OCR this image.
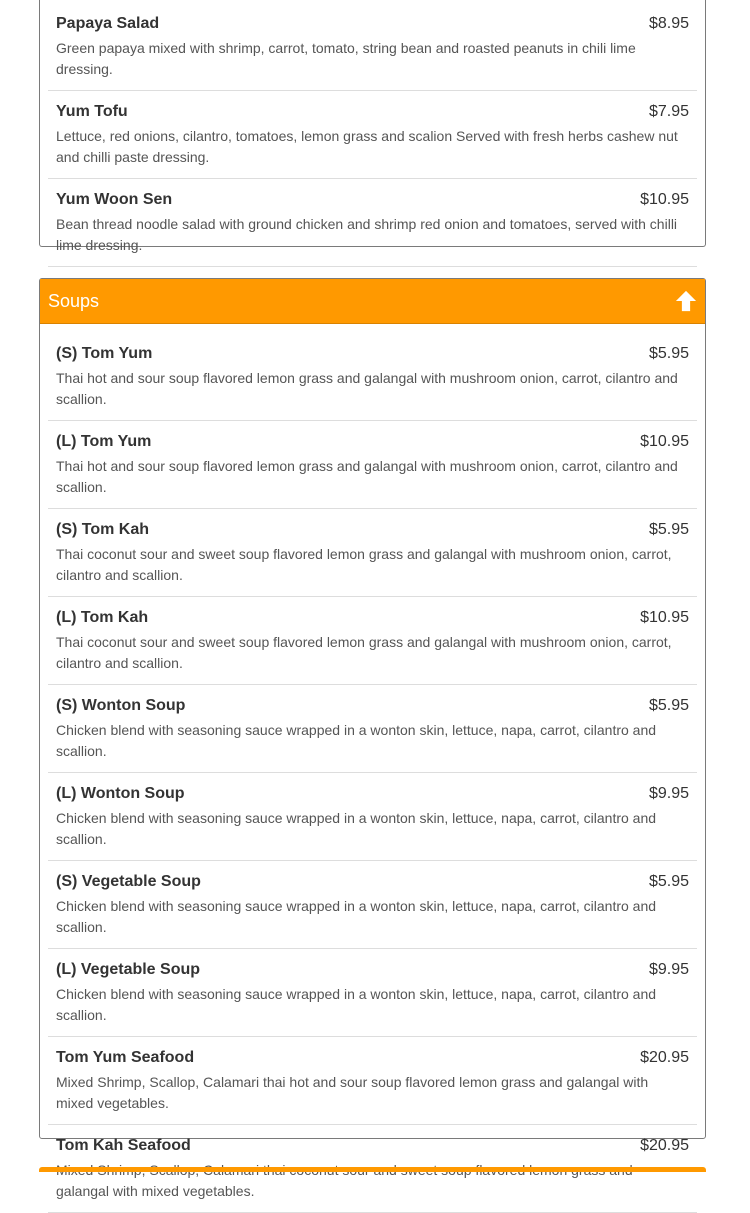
Papaya Salad	$8.95
Green papaya mixed with shrimp, carrot, tomato, string bean and roasted peanuts in chili lime dressing.
Yum Tofu	$7.95
Lettuce, red onions, cilantro, tomatoes, lemon grass and scalion Served with fresh herbs cashew nut and chilli paste dressing.
Yum Woon Sen	$10.95
Bean thread noodle salad with ground chicken and shrimp red onion and tomatoes, served with chilli lime dressing.
Soups
(S) Tom Yum	$5.95
Thai hot and sour soup flavored lemon grass and galangal with mushroom onion, carrot, cilantro and scallion.
(L) Tom Yum	$10.95
Thai hot and sour soup flavored lemon grass and galangal with mushroom onion, carrot, cilantro and scallion.
(S) Tom Kah	$5.95
Thai coconut sour and sweet soup flavored lemon grass and galangal with mushroom onion, carrot, cilantro and scallion.
(L) Tom Kah	$10.95
Thai coconut sour and sweet soup flavored lemon grass and galangal with mushroom onion, carrot, cilantro and scallion.
(S) Wonton Soup	$5.95
Chicken blend with seasoning sauce wrapped in a wonton skin, lettuce, napa, carrot, cilantro and scallion.
(L) Wonton Soup	$9.95
Chicken blend with seasoning sauce wrapped in a wonton skin, lettuce, napa, carrot, cilantro and scallion.
(S) Vegetable Soup	$5.95
Chicken blend with seasoning sauce wrapped in a wonton skin, lettuce, napa, carrot, cilantro and scallion.
(L) Vegetable Soup	$9.95
Chicken blend with seasoning sauce wrapped in a wonton skin, lettuce, napa, carrot, cilantro and scallion.
Tom Yum Seafood	$20.95
Mixed Shrimp, Scallop, Calamari thai hot and sour soup flavored lemon grass and galangal with mixed vegetables.
Tom Kah Seafood	$20.95
galangal with mixed vegetables.
